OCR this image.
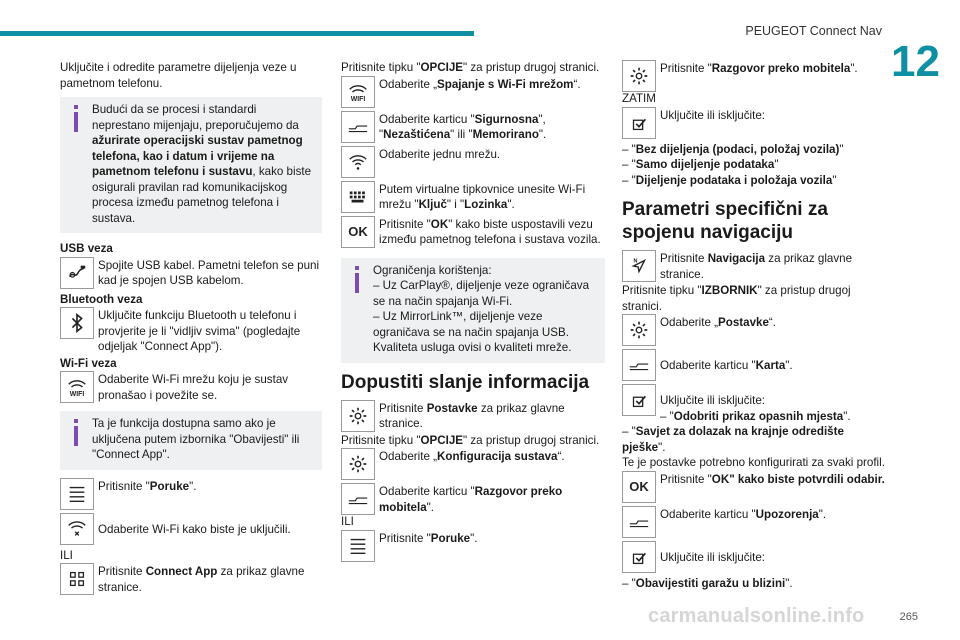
PEUGEOT Connect Nav
12

Uključite i odredite parametre dijeljenja veze u pametnom telefonu.

Budući da se procesi i standardi neprestano mijenjaju, preporučujemo da ažurirate operacijski sustav pametnog telefona, kao i datum i vrijeme na pametnom telefonu i sustavu, kako biste osigurali pravilan rad komunikacijskog procesa između pametnog telefona i sustava.

USB veza

Spojite USB kabel. Pametni telefon se puni kad je spojen USB kabelom.

Bluetooth veza

Uključite funkciju Bluetooth u telefonu i provjerite je li "vidljiv svima" (pogledajte odjeljak "Connect App").

Wi-Fi veza

WIFI
Odaberite Wi-Fi mrežu koju je sustav pronašao i povežite se.
Ta je funkcija dostupna samo ako je uključena putem izbornika "Obavijesti" ili "Connect App".
Pritisnite "Poruke".
Odaberite Wi-Fi kako biste je uključili.

ILI

Pritisnite Connect App za prikaz glavne stranice.

Pritisnite tipku "OPCIJE" za pristup drugoj stranici.

WIFI
Odaberite „Spajanje s Wi-Fi mrežom“.
Odaberite karticu "Sigurnosna", "Nezaštićena" ili "Memorirano".
Odaberite jednu mrežu.
Putem virtualne tipkovnice unesite Wi-Fi mrežu "Ključ" i "Lozinka".
OK Pritisnite "OK" kako biste uspostavili vezu između pametnog telefona i sustava vozila.

Ograničenja korištenja:

– Uz CarPlay®, dijeljenje veze ograničava se na način spajanja Wi-Fi.

– Uz MirrorLink™, dijeljenje veze ograničava se na način spajanja USB.

Kvaliteta usluga ovisi o kvaliteti mreže.

Dopustiti slanje informacija
Pritisnite Postavke za prikaz glavne stranice.

Pritisnite tipku "OPCIJE" za pristup drugoj stranici.

Odaberite „Konfiguracija sustava“.
Odaberite karticu "Razgovor preko mobitela".

ILI

Pritisnite "Poruke".
Pritisnite "Razgovor preko mobitela".

ZATIM

Uključite ili isključite:

– "Bez dijeljenja (podaci, položaj vozila)"

– "Samo dijeljenje podataka"

– "Dijeljenje podataka i položaja vozila"

Parametri specifični za spojenu navigaciju
N Pritisnite Navigacija za prikaz glavne stranice.

Pritisnite tipku "IZBORNIK" za pristup drugoj stranici.

Odaberite „Postavke“.
Odaberite karticu "Karta".

Uključite ili isključite:

– "Odobriti prikaz opasnih mjesta".

– "Savjet za dolazak na krajnje odredište pješke".

Te je postavke potrebno konfigurirati za svaki profil.

OK Pritisnite "OK" kako biste potvrdili odabir.
Odaberite karticu "Upozorenja".
Uključite ili isključite:

– "Obavijestiti garažu u blizini".

carmanualsonline.info	265
